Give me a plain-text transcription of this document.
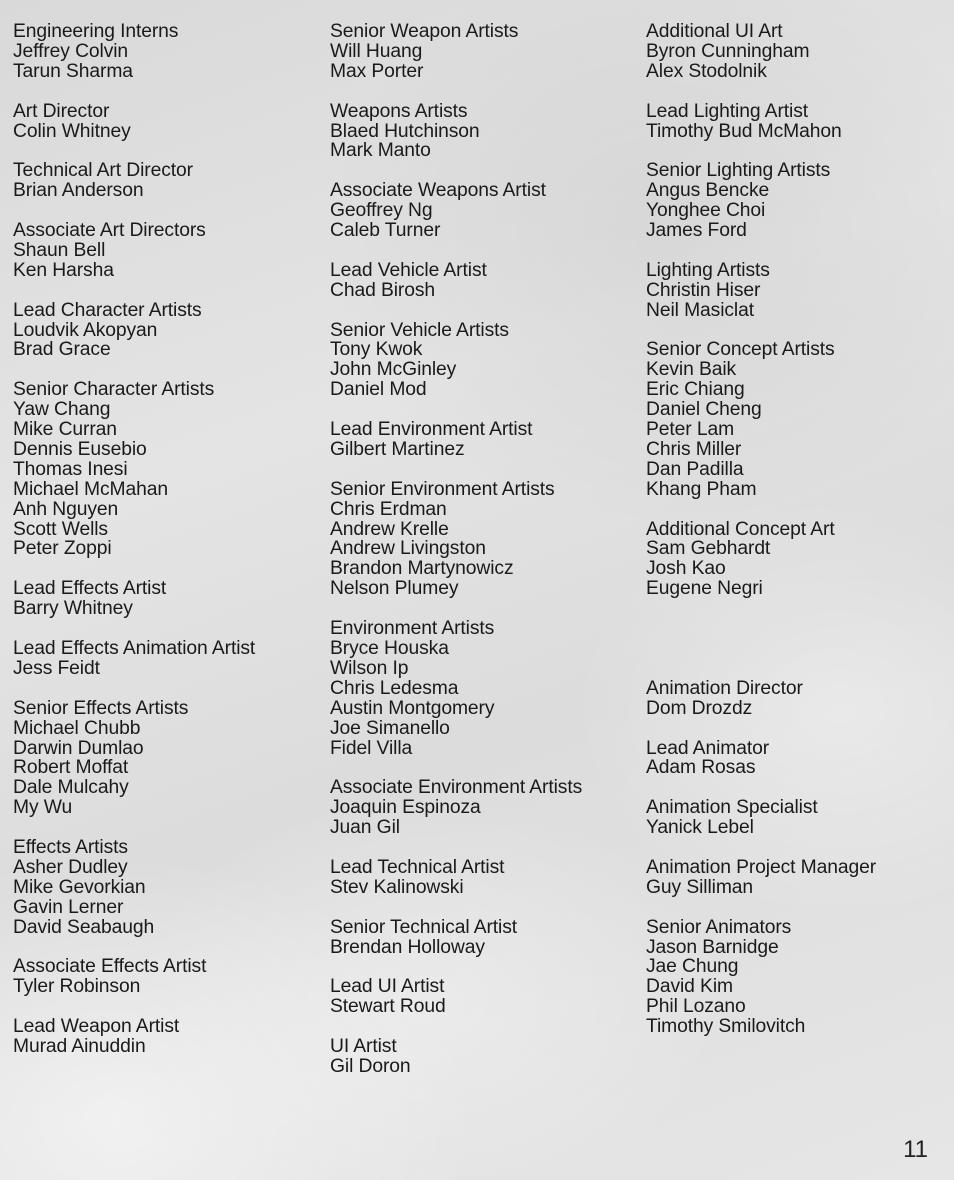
Engineering Interns
Jeffrey Colvin
Tarun Sharma
Art Director
Colin Whitney
Technical Art Director
Brian Anderson
Associate Art Directors
Shaun Bell
Ken Harsha
Lead Character Artists
Loudvik Akopyan
Brad Grace
Senior Character Artists
Yaw Chang
Mike Curran
Dennis Eusebio
Thomas Inesi
Michael McMahan
Anh Nguyen
Scott Wells
Peter Zoppi
Lead Effects Artist
Barry Whitney
Lead Effects Animation Artist
Jess Feidt
Senior Effects Artists
Michael Chubb
Darwin Dumlao
Robert Moffat
Dale Mulcahy
My Wu
Effects Artists
Asher Dudley
Mike Gevorkian
Gavin Lerner
David Seabaugh
Associate Effects Artist
Tyler Robinson
Lead Weapon Artist
Murad Ainuddin
Senior Weapon Artists
Will Huang
Max Porter
Weapons Artists
Blaed Hutchinson
Mark Manto
Associate Weapons Artist
Geoffrey Ng
Caleb Turner
Lead Vehicle Artist
Chad Birosh
Senior Vehicle Artists
Tony Kwok
John McGinley
Daniel Mod
Lead Environment Artist
Gilbert Martinez
Senior Environment Artists
Chris Erdman
Andrew Krelle
Andrew Livingston
Brandon Martynowicz
Nelson Plumey
Environment Artists
Bryce Houska
Wilson Ip
Chris Ledesma
Austin Montgomery
Joe Simanello
Fidel Villa
Associate Environment Artists
Joaquin Espinoza
Juan Gil
Lead Technical Artist
Stev Kalinowski
Senior Technical Artist
Brendan Holloway
Lead UI Artist
Stewart Roud
UI Artist
Gil Doron
Additional UI Art
Byron Cunningham
Alex Stodolnik
Lead Lighting Artist
Timothy Bud McMahon
Senior Lighting Artists
Angus Bencke
Yonghee Choi
James Ford
Lighting Artists
Christin Hiser
Neil Masiclat
Senior Concept Artists
Kevin Baik
Eric Chiang
Daniel Cheng
Peter Lam
Chris Miller
Dan Padilla
Khang Pham
Additional Concept Art
Sam Gebhardt
Josh Kao
Eugene Negri
Animation Director
Dom Drozdz
Lead Animator
Adam Rosas
Animation Specialist
Yanick Lebel
Animation Project Manager
Guy Silliman
Senior Animators
Jason Barnidge
Jae Chung
David Kim
Phil Lozano
Timothy Smilovitch
11
